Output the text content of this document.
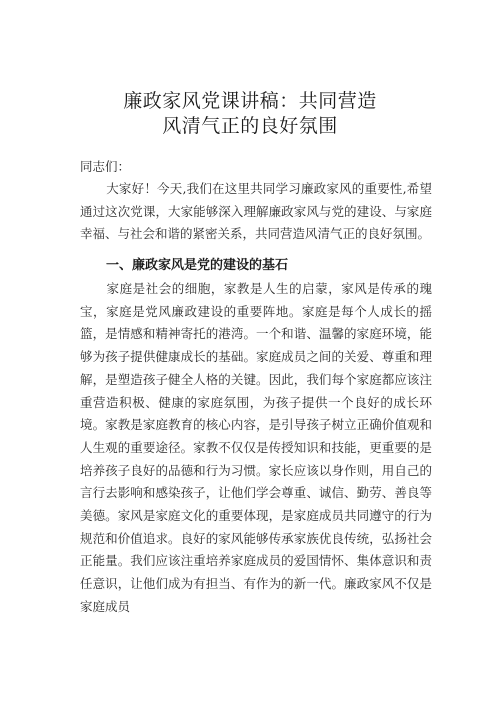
廉政家风党课讲稿：共同营造
风清气正的良好氛围
同志们：

大家好！今天,我们在这里共同学习廉政家风的重要性,希望通过这次党课，大家能够深入理解廉政家风与党的建设、与家庭幸福、与社会和谐的紧密关系，共同营造风清气正的良好氛围。

一、廉政家风是党的建设的基石

家庭是社会的细胞，家教是人生的启蒙，家风是传承的瑰宝，家庭是党风廉政建设的重要阵地。家庭是每个人成长的摇篮，是情感和精神寄托的港湾。一个和谐、温馨的家庭环境，能够为孩子提供健康成长的基础。家庭成员之间的关爱、尊重和理解，是塑造孩子健全人格的关键。因此，我们每个家庭都应该注重营造积极、健康的家庭氛围，为孩子提供一个良好的成长环境。家教是家庭教育的核心内容，是引导孩子树立正确价值观和人生观的重要途径。家教不仅仅是传授知识和技能，更重要的是培养孩子良好的品德和行为习惯。家长应该以身作则，用自己的言行去影响和感染孩子，让他们学会尊重、诚信、勤劳、善良等美德。家风是家庭文化的重要体现，是家庭成员共同遵守的行为规范和价值追求。良好的家风能够传承家族优良传统，弘扬社会正能量。我们应该注重培养家庭成员的爱国情怀、集体意识和责任意识，让他们成为有担当、有作为的新一代。廉政家风不仅是家庭成员
